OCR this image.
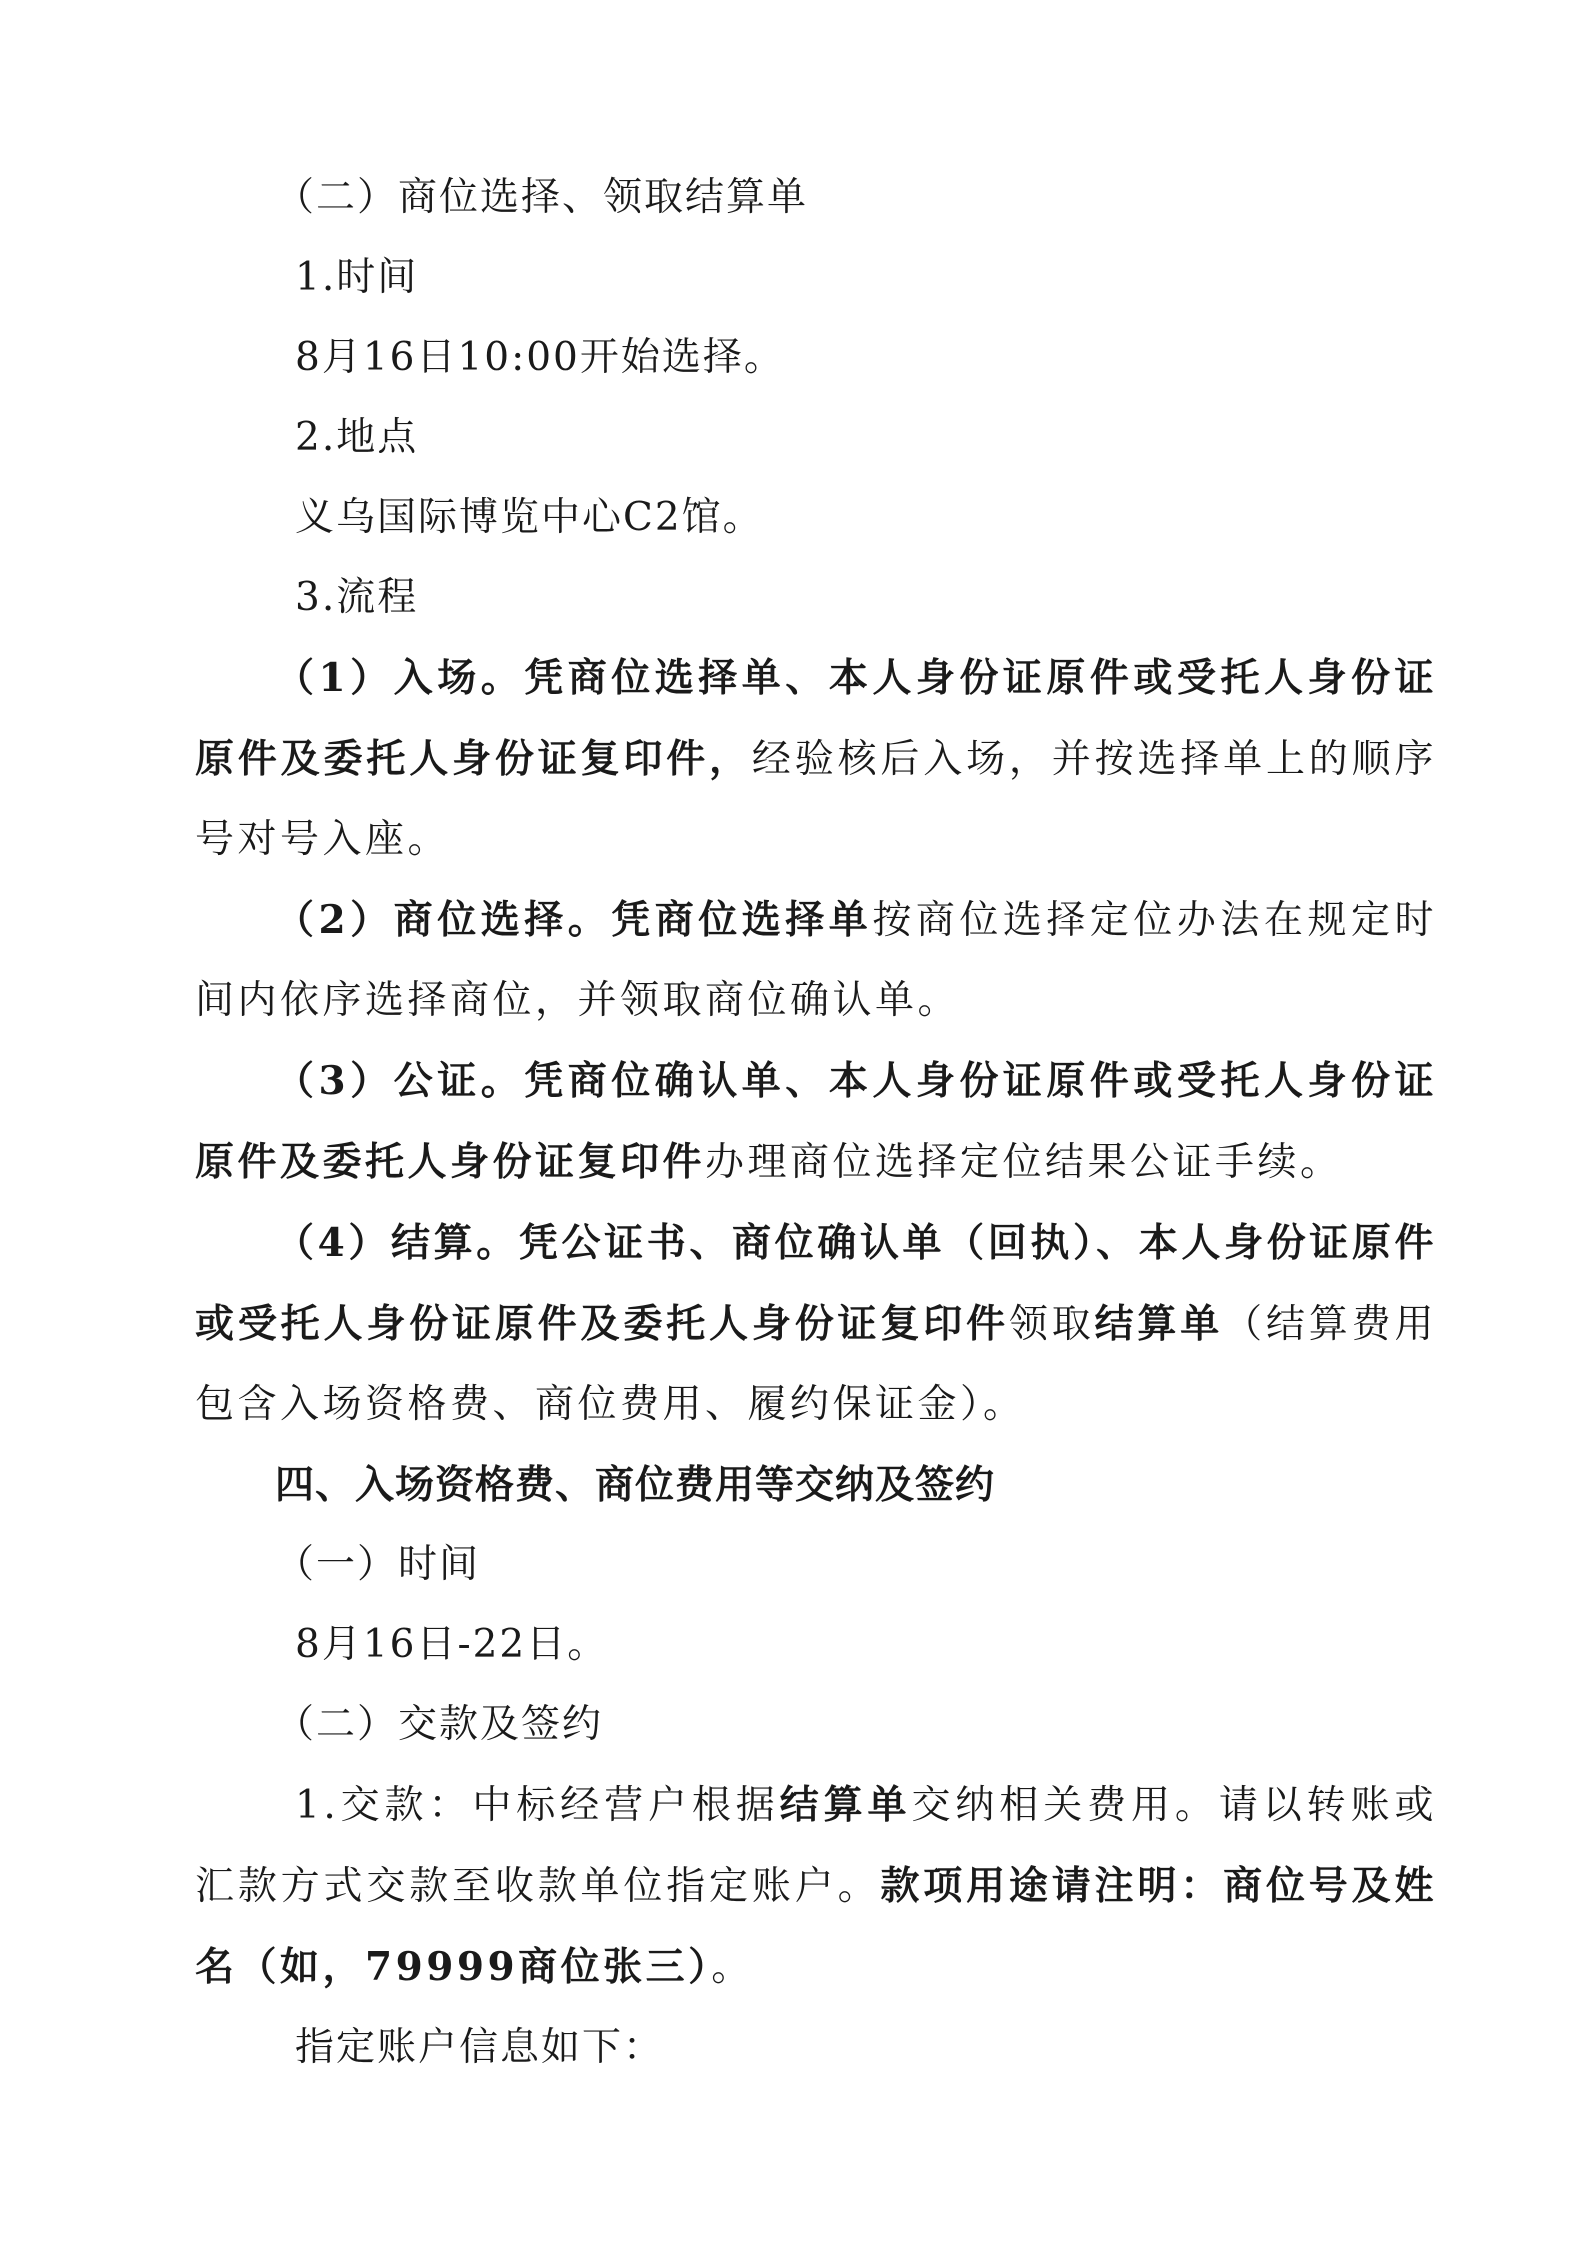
（二）商位选择、领取结算单

1.时间

8月16日10:00开始选择。

2.地点

义乌国际博览中心C2馆。

3.流程

（1）入场。凭商位选择单、本人身份证原件或受托人身份证原件及委托人身份证复印件，经验核后入场，并按选择单上的顺序号对号入座。

（2）商位选择。凭商位选择单按商位选择定位办法在规定时间内依序选择商位，并领取商位确认单。

（3）公证。凭商位确认单、本人身份证原件或受托人身份证原件及委托人身份证复印件办理商位选择定位结果公证手续。

（4）结算。凭公证书、商位确认单（回执）、本人身份证原件或受托人身份证原件及委托人身份证复印件领取结算单（结算费用包含入场资格费、商位费用、履约保证金）。

四、入场资格费、商位费用等交纳及签约

（一）时间

8月16日-22日。

（二）交款及签约

1.交款：中标经营户根据结算单交纳相关费用。请以转账或汇款方式交款至收款单位指定账户。款项用途请注明：商位号及姓名（如，79999商位张三）。

指定账户信息如下：
